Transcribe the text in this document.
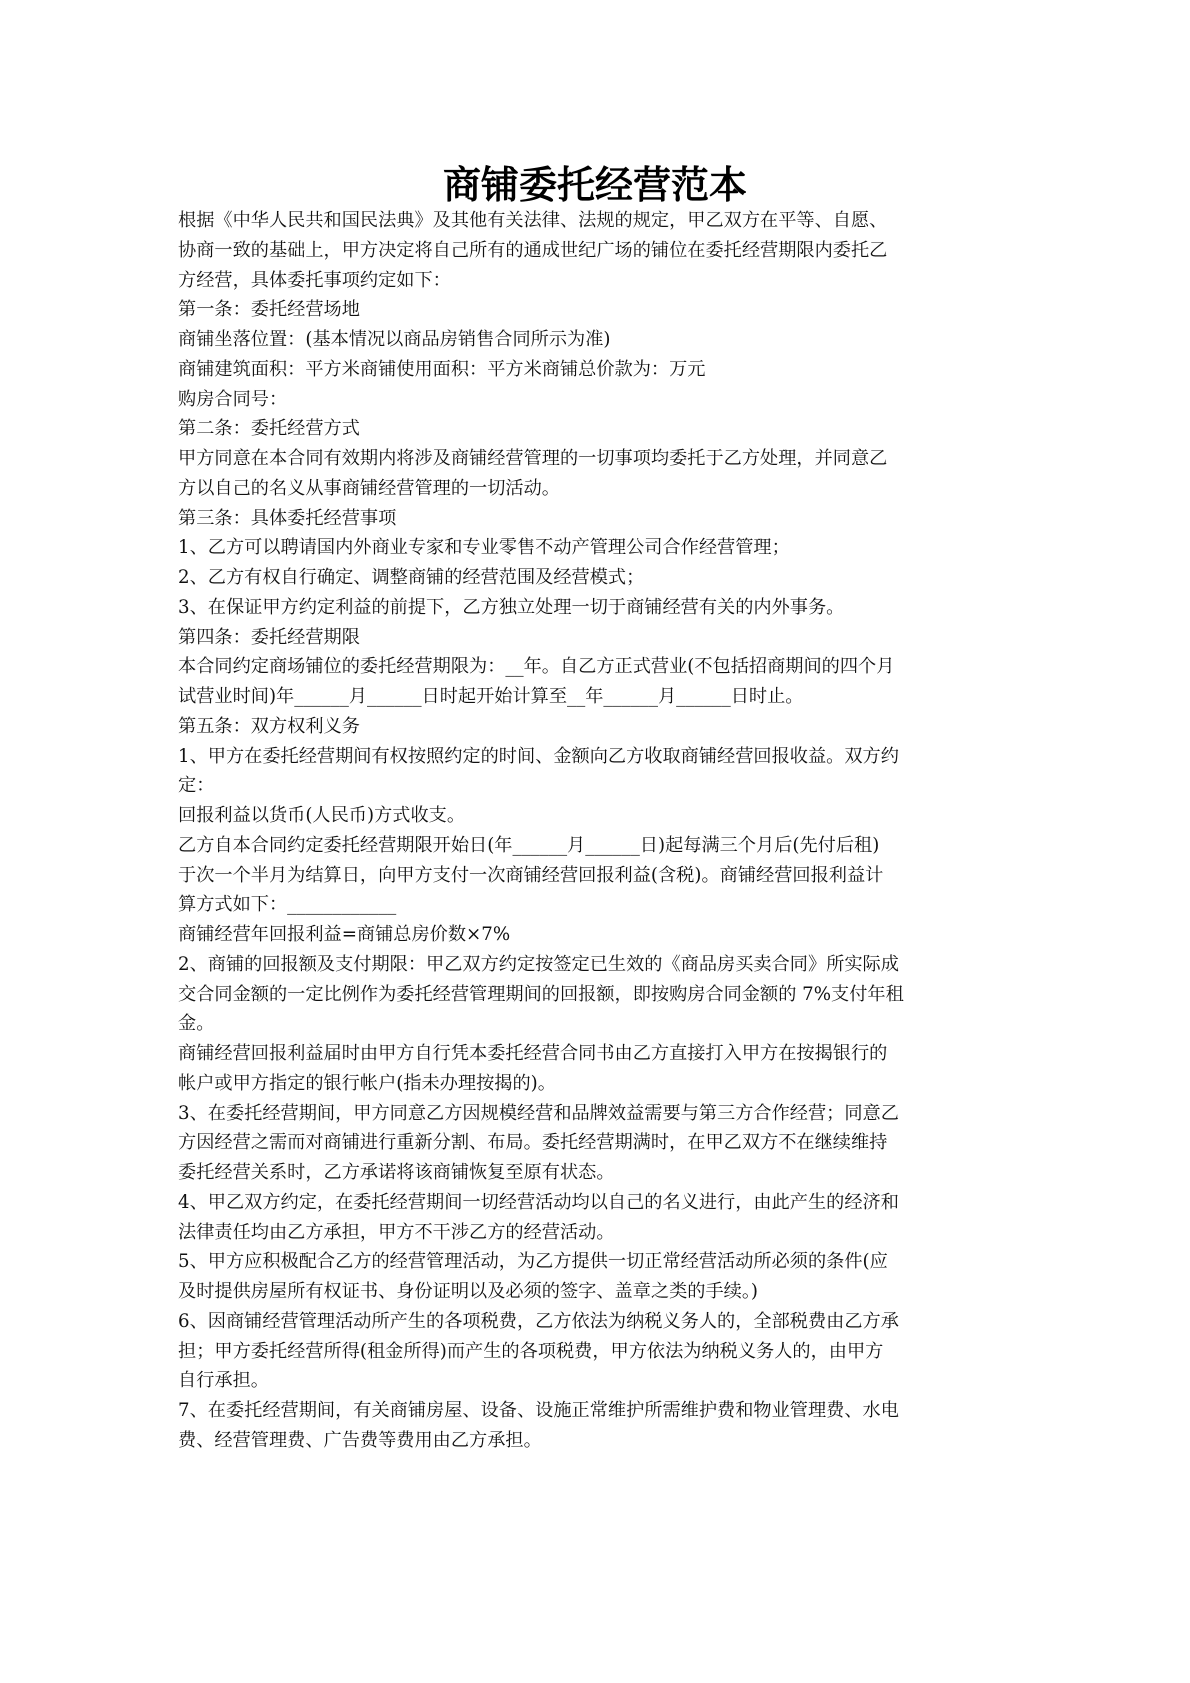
商铺委托经营范本
根据《中华人民共和国民法典》及其他有关法律、法规的规定，甲乙双方在平等、自愿、
协商一致的基础上，甲方决定将自己所有的通成世纪广场的铺位在委托经营期限内委托乙
方经营，具体委托事项约定如下：
第一条：委托经营场地
商铺坐落位置：(基本情况以商品房销售合同所示为准)
商铺建筑面积：平方米商铺使用面积：平方米商铺总价款为：万元
购房合同号：
第二条：委托经营方式
甲方同意在本合同有效期内将涉及商铺经营管理的一切事项均委托于乙方处理，并同意乙
方以自己的名义从事商铺经营管理的一切活动。
第三条：具体委托经营事项
1、乙方可以聘请国内外商业专家和专业零售不动产管理公司合作经营管理；
2、乙方有权自行确定、调整商铺的经营范围及经营模式；
3、在保证甲方约定利益的前提下，乙方独立处理一切于商铺经营有关的内外事务。
第四条：委托经营期限
本合同约定商场铺位的委托经营期限为：__年。自乙方正式营业(不包括招商期间的四个月
试营业时间)年______月______日时起开始计算至__年______月______日时止。
第五条：双方权利义务
1、甲方在委托经营期间有权按照约定的时间、金额向乙方收取商铺经营回报收益。双方约
定：
回报利益以货币(人民币)方式收支。
乙方自本合同约定委托经营期限开始日(年______月______日)起每满三个月后(先付后租)
于次一个半月为结算日，向甲方支付一次商铺经营回报利益(含税)。商铺经营回报利益计
算方式如下：____________
商铺经营年回报利益=商铺总房价数×7%
2、商铺的回报额及支付期限：甲乙双方约定按签定已生效的《商品房买卖合同》所实际成
交合同金额的一定比例作为委托经营管理期间的回报额，即按购房合同金额的 7%支付年租
金。
商铺经营回报利益届时由甲方自行凭本委托经营合同书由乙方直接打入甲方在按揭银行的
帐户或甲方指定的银行帐户(指未办理按揭的)。
3、在委托经营期间，甲方同意乙方因规模经营和品牌效益需要与第三方合作经营；同意乙
方因经营之需而对商铺进行重新分割、布局。委托经营期满时，在甲乙双方不在继续维持
委托经营关系时，乙方承诺将该商铺恢复至原有状态。
4、甲乙双方约定，在委托经营期间一切经营活动均以自己的名义进行，由此产生的经济和
法律责任均由乙方承担，甲方不干涉乙方的经营活动。
5、甲方应积极配合乙方的经营管理活动，为乙方提供一切正常经营活动所必须的条件(应
及时提供房屋所有权证书、身份证明以及必须的签字、盖章之类的手续。)
6、因商铺经营管理活动所产生的各项税费，乙方依法为纳税义务人的，全部税费由乙方承
担；甲方委托经营所得(租金所得)而产生的各项税费，甲方依法为纳税义务人的，由甲方
自行承担。
7、在委托经营期间，有关商铺房屋、设备、设施正常维护所需维护费和物业管理费、水电
费、经营管理费、广告费等费用由乙方承担。
